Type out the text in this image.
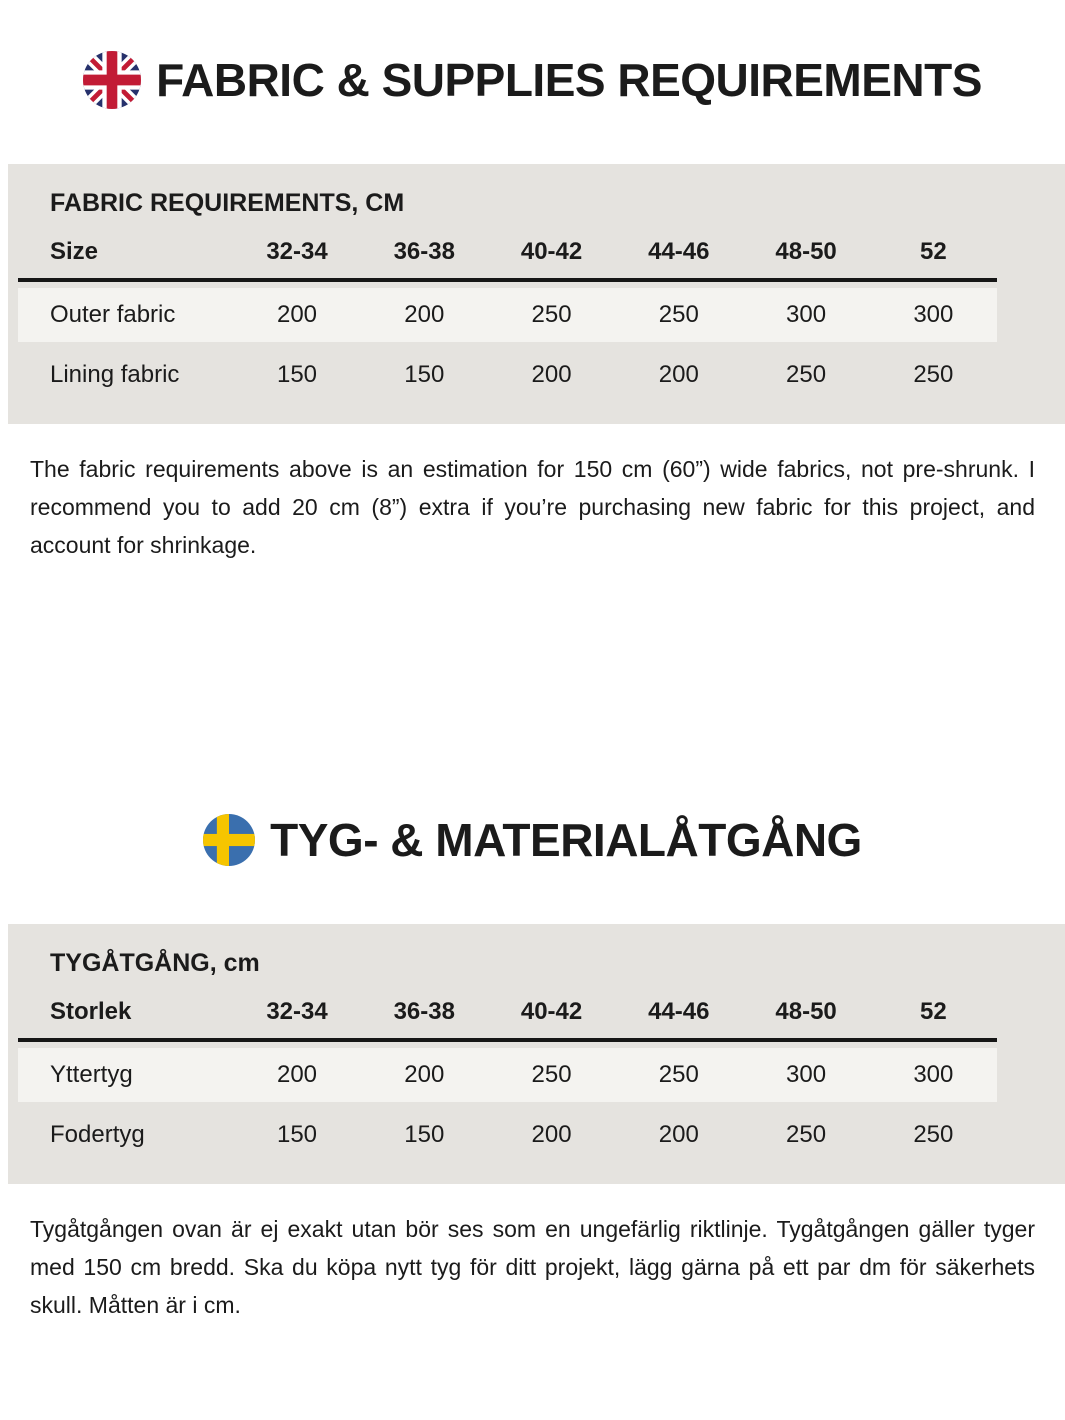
FABRIC & SUPPLIES REQUIREMENTS
FABRIC REQUIREMENTS, CM
Size	32-34	36-38	40-42	44-46	48-50	52
Outer fabric	200	200	250	250	300	300
Lining fabric	150	150	200	200	250	250

The fabric requirements above is an estimation for 150 cm (60”) wide fabrics, not pre-shrunk. I recommend you to add 20 cm (8”) extra if you’re purchasing new fabric for this project, and account for shrinkage.

TYG- & MATERIALÅTGÅNG
TYGÅTGÅNG, cm
Storlek	32-34	36-38	40-42	44-46	48-50	52
Yttertyg	200	200	250	250	300	300
Fodertyg	150	150	200	200	250	250

Tygåtgången ovan är ej exakt utan bör ses som en ungefärlig riktlinje. Tygåtgången gäller tyger med 150 cm bredd. Ska du köpa nytt tyg för ditt projekt, lägg gärna på ett par dm för säkerhets skull. Måtten är i cm.
